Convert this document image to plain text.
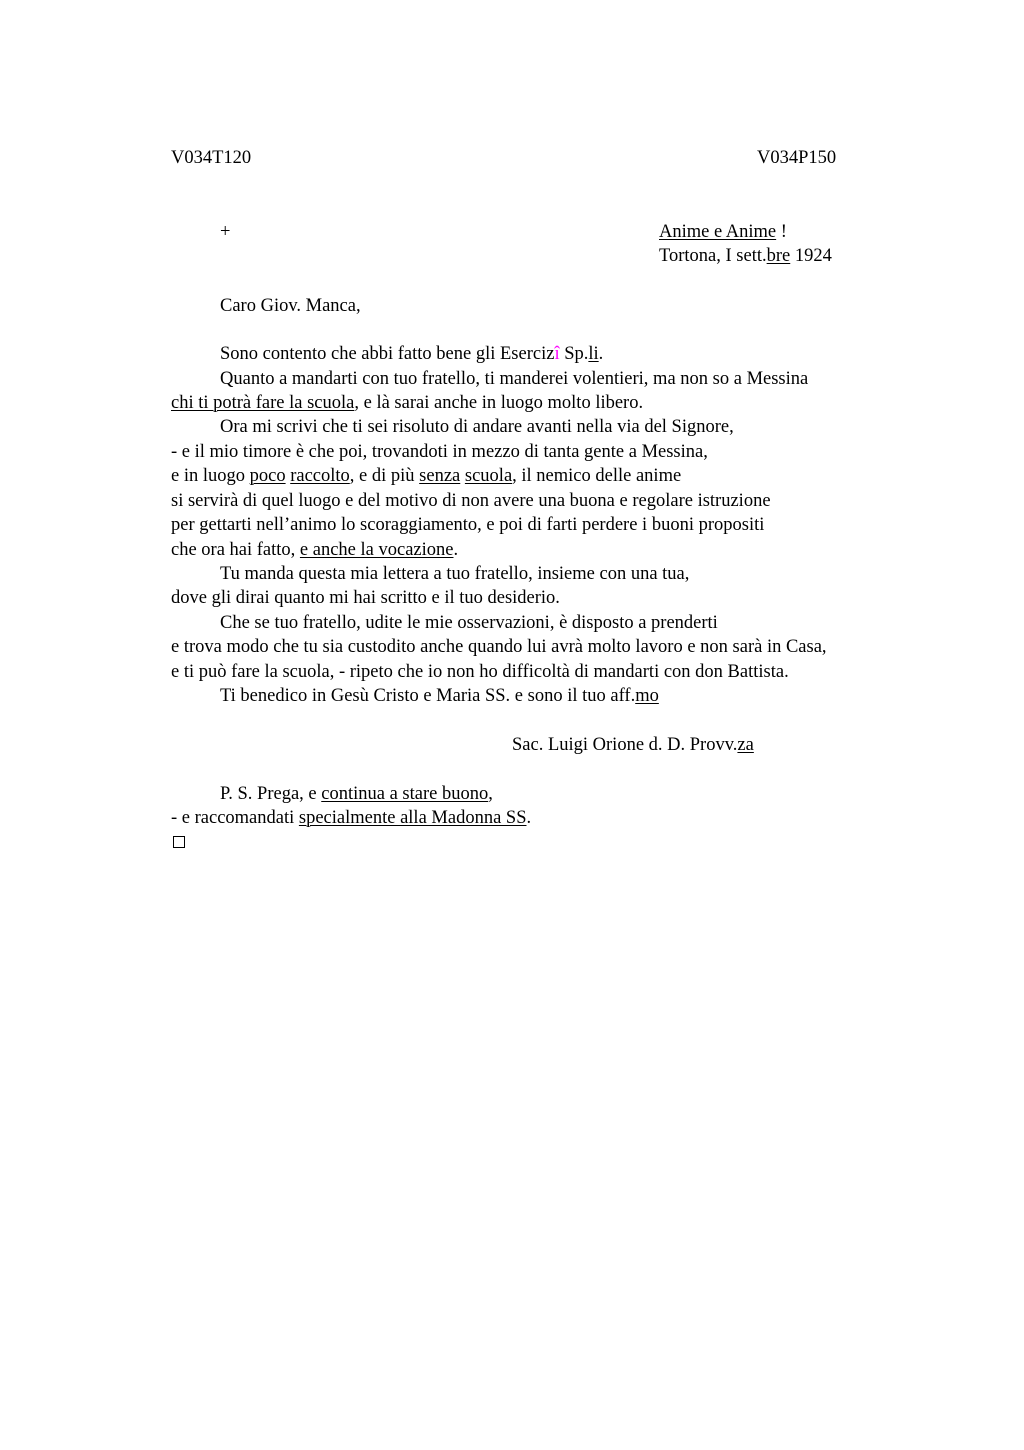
V034T120	V034P150
+	Anime e Anime !
Tortona, I sett.bre 1924
Caro Giov. Manca,
Sono contento che abbi fatto bene gli Esercizî Sp.li.
Quanto a mandarti con tuo fratello, ti manderei volentieri, ma non so a Messina
chi ti potrà fare la scuola, e là sarai anche in luogo molto libero.
Ora mi scrivi che ti sei risoluto di andare avanti nella via del Signore,
- e il mio timore è che poi, trovandoti in mezzo di tanta gente a Messina,
e in luogo poco raccolto, e di più senza scuola, il nemico delle anime
si servirà di quel luogo e del motivo di non avere una buona e regolare istruzione
per gettarti nell’animo lo scoraggiamento, e poi di farti perdere i buoni propositi
che ora hai fatto, e anche la vocazione.
Tu manda questa mia lettera a tuo fratello, insieme con una tua,
dove gli dirai quanto mi hai scritto e il tuo desiderio.
Che se tuo fratello, udite le mie osservazioni, è disposto a prenderti
e trova modo che tu sia custodito anche quando lui avrà molto lavoro e non sarà in Casa,
e ti può fare la scuola, - ripeto che io non ho difficoltà di mandarti con don Battista.
Ti benedico in Gesù Cristo e Maria SS. e sono il tuo aff.mo
Sac. Luigi Orione d. D. Provv.za
P. S. Prega, e continua a stare buono,
- e raccomandati specialmente alla Madonna SS.
